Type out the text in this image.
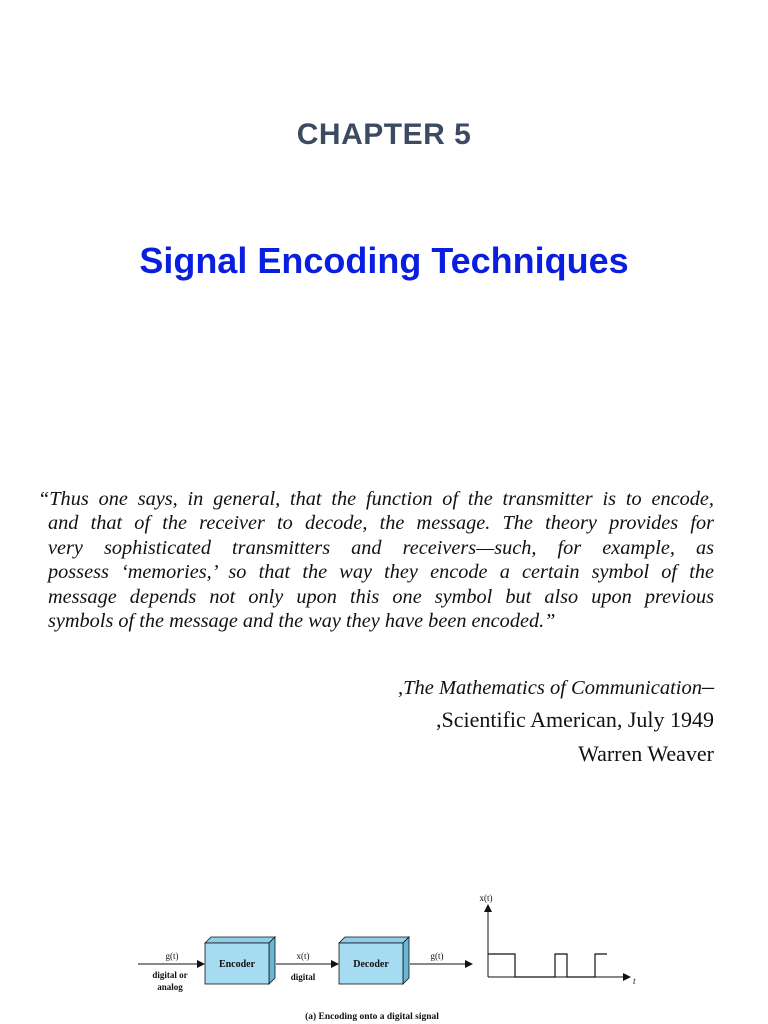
CHAPTER 5
Signal Encoding Techniques
“Thus one says, in general, that the function of the transmitter is to encode,
and that of the receiver to decode, the message. The theory provides for
very sophisticated transmitters and receivers—such, for example, as
possess ‘memories,’ so that the way they encode a certain symbol of the
message depends not only upon this one symbol but also upon previous
symbols of the message and the way they have been encoded.”
,The Mathematics of Communication–
,Scientific American, July 1949
Warren Weaver
g(t)
digital or
analog
Encoder
x(t)
digital
Decoder
g(t)
x(t)
t
(a) Encoding onto a digital signal
